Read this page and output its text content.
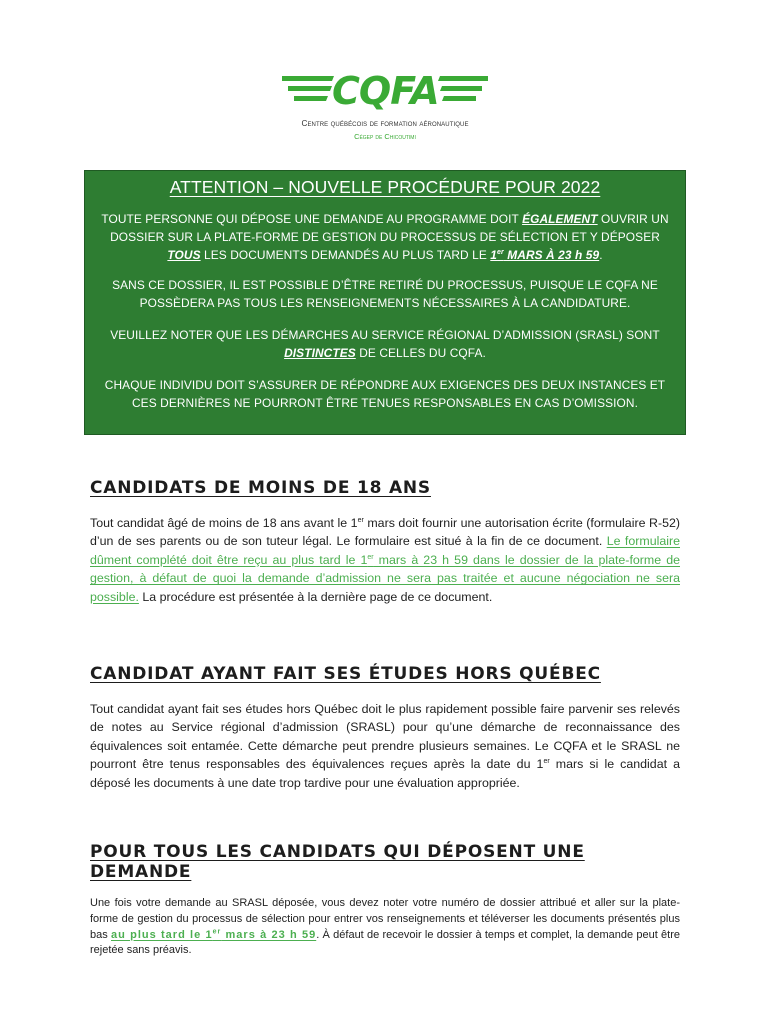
CQFA
Centre québécois de formation aéronautique
Cégep de Chicoutimi
ATTENTION – NOUVELLE PROCÉDURE POUR 2022

TOUTE PERSONNE QUI DÉPOSE UNE DEMANDE AU PROGRAMME DOIT ÉGALEMENT OUVRIR UN DOSSIER SUR LA PLATE-FORME DE GESTION DU PROCESSUS DE SÉLECTION ET Y DÉPOSER TOUS LES DOCUMENTS DEMANDÉS AU PLUS TARD LE 1er MARS À 23 h 59.

SANS CE DOSSIER, IL EST POSSIBLE D’ÊTRE RETIRÉ DU PROCESSUS, PUISQUE LE CQFA NE POSSÈDERA PAS TOUS LES RENSEIGNEMENTS NÉCESSAIRES À LA CANDIDATURE.

VEUILLEZ NOTER QUE LES DÉMARCHES AU SERVICE RÉGIONAL D’ADMISSION (SRASL) SONT DISTINCTES DE CELLES DU CQFA.

CHAQUE INDIVIDU DOIT S’ASSURER DE RÉPONDRE AUX EXIGENCES DES DEUX INSTANCES ET CES DERNIÈRES NE POURRONT ÊTRE TENUES RESPONSABLES EN CAS D’OMISSION.

CANDIDATS DE MOINS DE 18 ANS
Tout candidat âgé de moins de 18 ans avant le 1er mars doit fournir une autorisation écrite (formulaire R-52) d’un de ses parents ou de son tuteur légal. Le formulaire est situé à la fin de ce document. Le formulaire dûment complété doit être reçu au plus tard le 1er mars à 23 h 59 dans le dossier de la plate-forme de gestion, à défaut de quoi la demande d’admission ne sera pas traitée et aucune négociation ne sera possible. La procédure est présentée à la dernière page de ce document.
CANDIDAT AYANT FAIT SES ÉTUDES HORS QUÉBEC
Tout candidat ayant fait ses études hors Québec doit le plus rapidement possible faire parvenir ses relevés de notes au Service régional d’admission (SRASL) pour qu’une démarche de reconnaissance des équivalences soit entamée. Cette démarche peut prendre plusieurs semaines. Le CQFA et le SRASL ne pourront être tenus responsables des équivalences reçues après la date du 1er mars si le candidat a déposé les documents à une date trop tardive pour une évaluation appropriée.
POUR TOUS LES CANDIDATS QUI DÉPOSENT UNE DEMANDE
Une fois votre demande au SRASL déposée, vous devez noter votre numéro de dossier attribué et aller sur la plate-forme de gestion du processus de sélection pour entrer vos renseignements et téléverser les documents présentés plus bas au plus tard le 1er mars à 23 h 59. À défaut de recevoir le dossier à temps et complet, la demande peut être rejetée sans préavis.
